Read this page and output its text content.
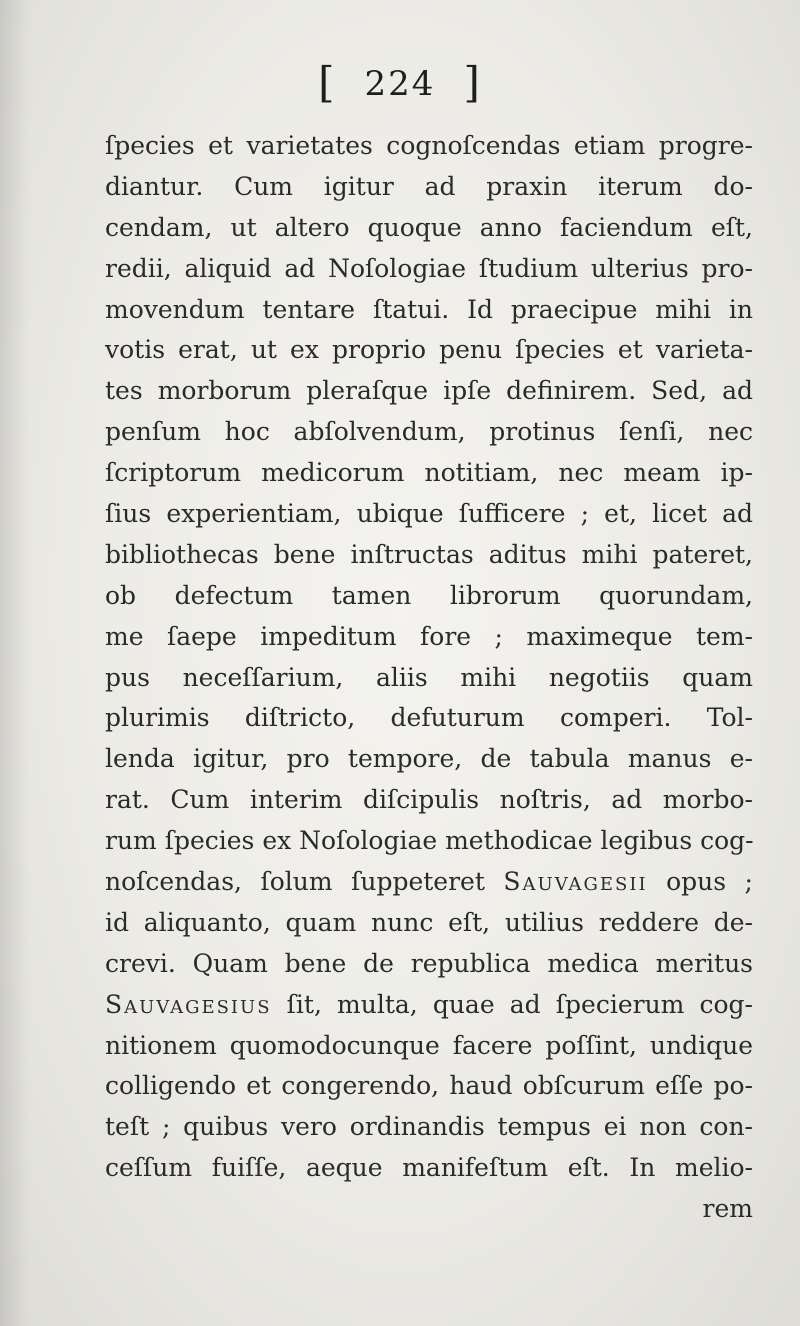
[ 224 ]
ſpecies et varietates cognoſcendas etiam progre-
diantur. Cum igitur ad praxin iterum do-
cendam, ut altero quoque anno faciendum eſt,
redii, aliquid ad Noſologiae ſtudium ulterius pro-
movendum tentare ſtatui. Id praecipue mihi in
votis erat, ut ex proprio penu ſpecies et varieta-
tes morborum pleraſque ipſe definirem. Sed, ad
penſum hoc abſolvendum, protinus ſenſi, nec
ſcriptorum medicorum notitiam, nec meam ip-
ſius experientiam, ubique ſufficere ; et, licet ad
bibliothecas bene inſtructas aditus mihi pateret,
ob defectum tamen librorum quorundam,
me ſaepe impeditum fore ; maximeque tem-
pus neceſſarium, aliis mihi negotiis quam
plurimis diſtricto, defuturum comperi. Tol-
lenda igitur, pro tempore, de tabula manus e-
rat. Cum interim diſcipulis noſtris, ad morbo-
rum ſpecies ex Noſologiae methodicae legibus cog-
noſcendas, ſolum ſuppeteret Sauvagesii opus ;
id aliquanto, quam nunc eſt, utilius reddere de-
crevi. Quam bene de republica medica meritus
Sauvagesius ſit, multa, quae ad ſpecierum cog-
nitionem quomodocunque facere poſſint, undique
colligendo et congerendo, haud obſcurum eſſe po-
teſt ; quibus vero ordinandis tempus ei non con-
ceſſum fuiſſe, aeque manifeſtum eſt. In melio-
rem
